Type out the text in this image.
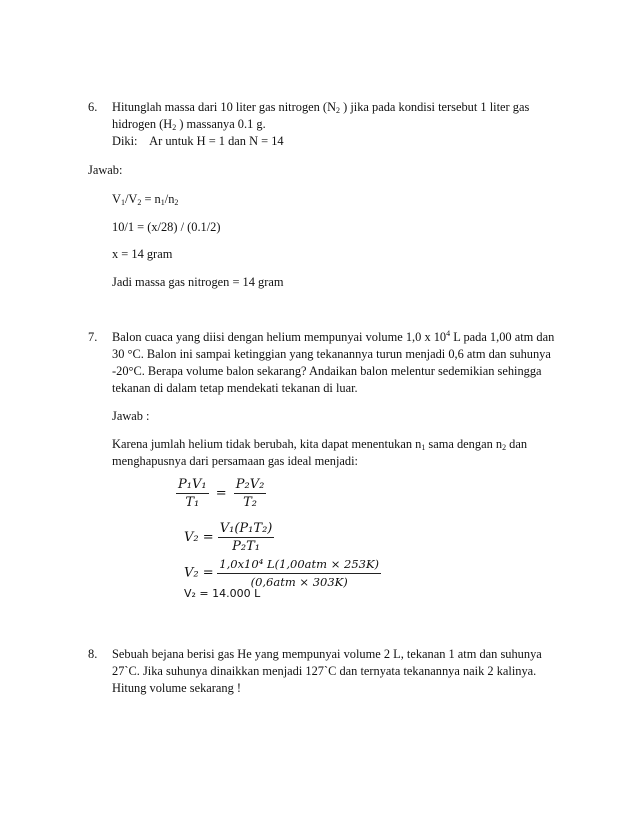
6. Hitunglah massa dari 10 liter gas nitrogen ($N_2$ ) jika pada kondisi tersebut 1 liter gas
hidrogen ($H_2$ ) massanya 0.1 g.
Diki:    Ar untuk H = 1 dan N = 14
Jawab:
$V_1/V_2 = n_1/n_2$
10/1 = (x/28) / (0.1/2)
x = 14 gram
Jadi massa gas nitrogen = 14 gram
7. Balon cuaca yang diisi dengan helium mempunyai volume 1,0 x $10^4$ L pada 1,00 atm dan
30 °C. Balon ini sampai ketinggian yang tekanannya turun menjadi 0,6 atm dan suhunya
-20°C. Berapa volume balon sekarang? Andaikan balon melentur sedemikian sehingga
tekanan di dalam tetap mendekati tekanan di luar.
Jawab :
Karena jumlah helium tidak berubah, kita dapat menentukan $n_1$ sama dengan $n_2$ dan
menghapusnya dari persamaan gas ideal menjadi:
$\frac{\text{P₁V₁}}{\text{T₁}} = \frac{\text{P₂V₂}}{\text{T₂}}$
$V_2 = \frac{\text{V₁(P₁T₂)}}{\text{P₂T₁}}$
$V_2 = \frac{\text{1,0x10⁴ L(1,00atm × 253K)}}{\text{(0,6atm × 303K)}}$
V₂ = 14.000 L
8. Sebuah bejana berisi gas He yang mempunyai volume 2 L, tekanan 1 atm dan suhunya
27`C. Jika suhunya dinaikkan menjadi 127`C dan ternyata tekanannya naik 2 kalinya.
Hitung volume sekarang !
